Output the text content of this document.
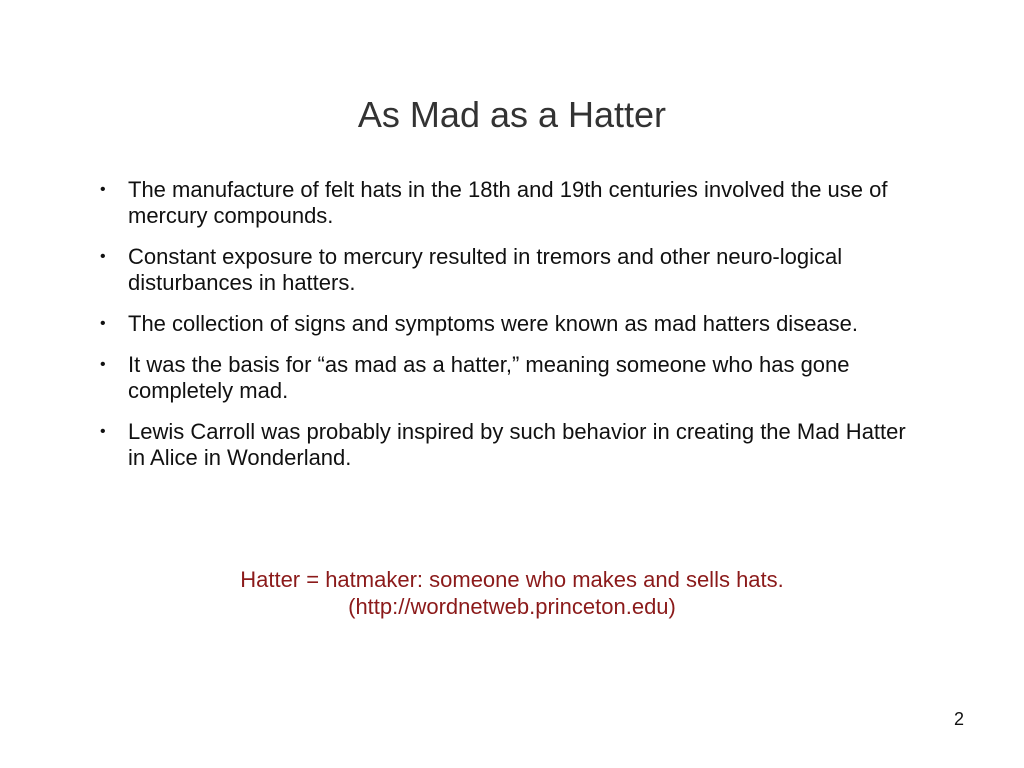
As Mad as a Hatter
• The manufacture of felt hats in the 18th and 19th centuries involved the use of mercury compounds.
• Constant exposure to mercury resulted in tremors and other neuro-logical disturbances in hatters.
• The collection of signs and symptoms were known as mad hatters disease.
• It was the basis for “as mad as a hatter,” meaning someone who has gone completely mad.
• Lewis Carroll was probably inspired by such behavior in creating the Mad Hatter in Alice in Wonderland.
Hatter = hatmaker: someone who makes and sells hats.
(http://wordnetweb.princeton.edu)
2
